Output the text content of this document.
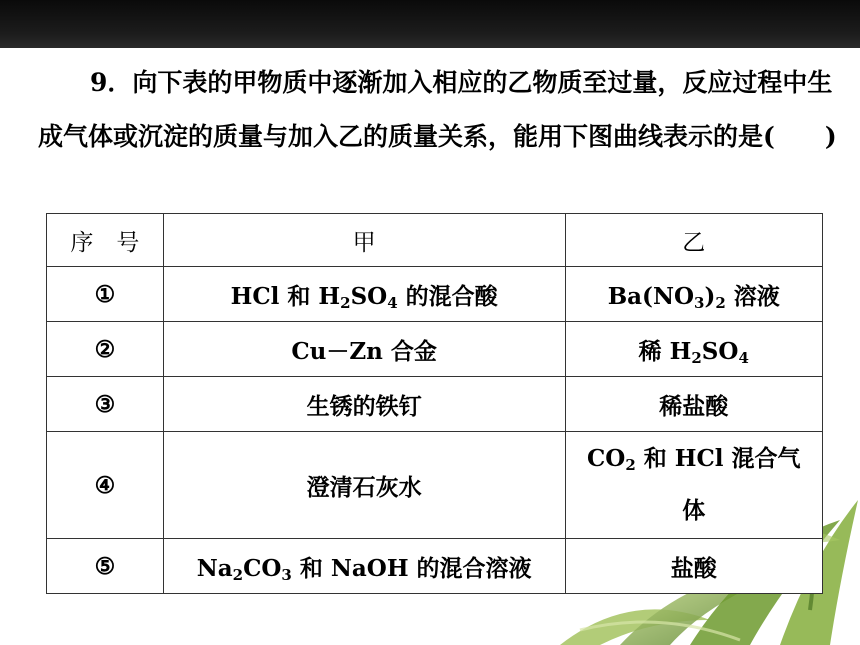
9．向下表的甲物质中逐渐加入相应的乙物质至过量，反应过程中生成气体或沉淀的质量与加入乙的质量关系，能用下图曲线表示的是(　　)
序　号	甲	乙
①	HCl 和 $H_2SO_4$ 的混合酸	$Ba(NO_3)_2$ 溶液
②	Cu－Zn 合金	稀 $H_2SO_4$
③	生锈的铁钉	稀盐酸
④	澄清石灰水	$CO_2$ 和 HCl 混合气
体
⑤	$Na_2CO_3$ 和 NaOH 的混合溶液	盐酸
